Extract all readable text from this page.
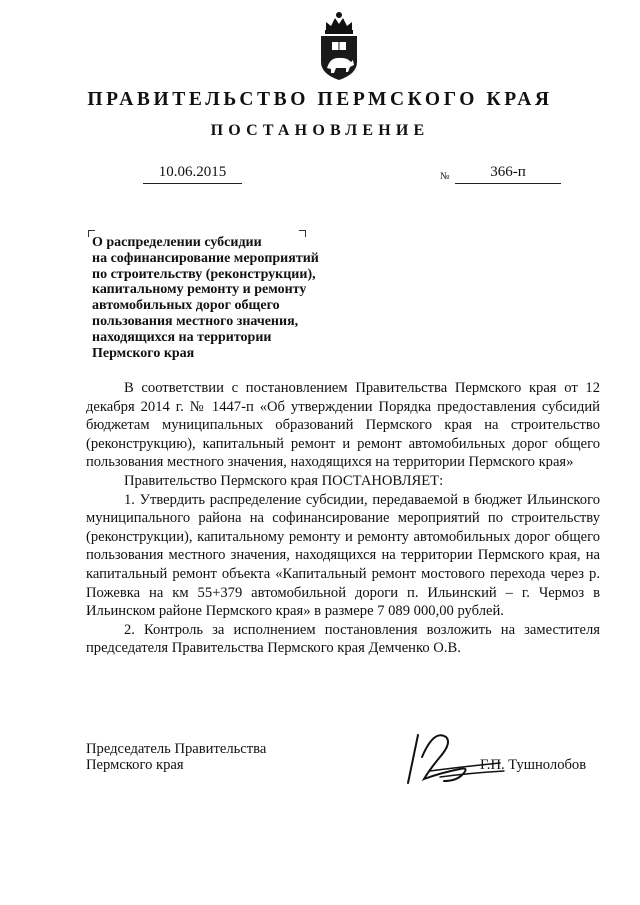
ПРАВИТЕЛЬСТВО ПЕРМСКОГО КРАЯ
ПОСТАНОВЛЕНИЕ
10.06.2015	№	366-п
О распределении субсидии
на софинансирование мероприятий
по строительству (реконструкции),
капитальному ремонту и ремонту
автомобильных дорог общего
пользования местного значения,
находящихся на территории
Пермского края

В соответствии с постановлением Правительства Пермского края от 12 декабря 2014 г. № 1447-п «Об утверждении Порядка предоставления субсидий бюджетам муниципальных образований Пермского края на строительство (реконструкцию), капитальный ремонт и ремонт автомобильных дорог общего пользования местного значения, находящихся на территории Пермского края»

Правительство Пермского края ПОСТАНОВЛЯЕТ:

1. Утвердить распределение субсидии, передаваемой в бюджет Ильинского муниципального района на софинансирование мероприятий по строительству (реконструкции), капитальному ремонту и ремонту автомобильных дорог общего пользования местного значения, находящихся на территории Пермского края, на капитальный ремонт объекта «Капитальный ремонт мостового перехода через р. Пожевка на км 55+379 автомобильной дороги п. Ильинский – г. Чермоз в Ильинском районе Пермского края» в размере 7 089 000,00 рублей.

2. Контроль за исполнением постановления возложить на заместителя председателя Правительства Пермского края Демченко О.В.

Председатель Правительства
Пермского края	Г.П. Тушнолобов
